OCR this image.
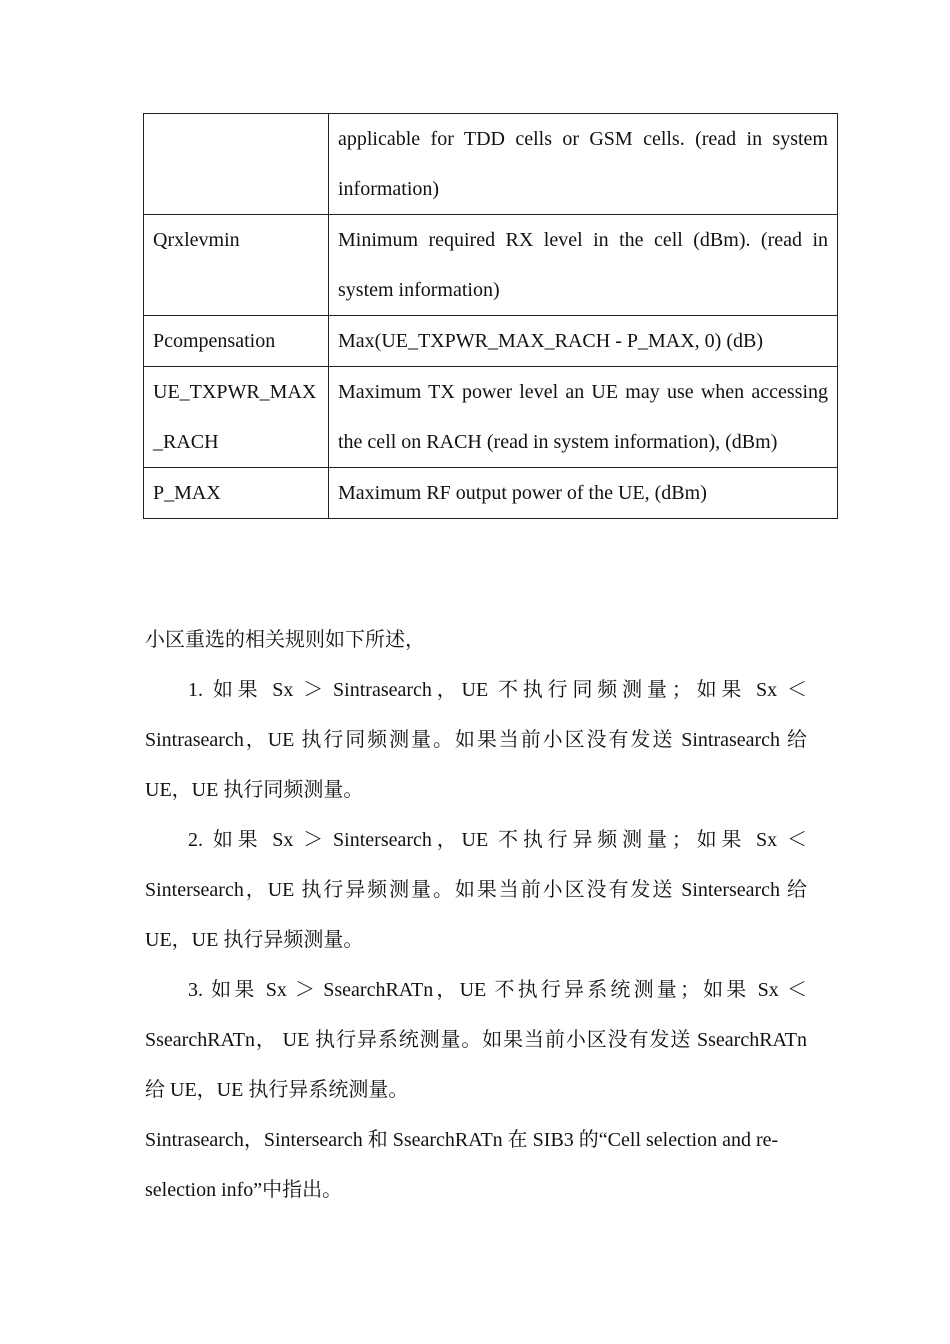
	applicable for TDD cells or GSM cells. (read in system information)
Qrxlevmin	Minimum required RX level in the cell (dBm). (read in system information)
Pcompensation	Max(UE_TXPWR_MAX_RACH - P_MAX, 0) (dB)
UE_TXPWR_MAX_RACH	Maximum TX power level an UE may use when accessing the cell on RACH (read in system information), (dBm)
P_MAX	Maximum RF output power of the UE, (dBm)

小区重选的相关规则如下所述，

1. 如果 Sx ＞ Sintrasearch，UE 不执行同频测量；如果 Sx ＜ Sintrasearch，UE 执行同频测量。如果当前小区没有发送 Sintrasearch 给 UE，UE 执行同频测量。

2. 如果 Sx ＞ Sintersearch，UE 不执行异频测量；如果 Sx ＜ Sintersearch，UE 执行异频测量。如果当前小区没有发送 Sintersearch 给 UE，UE 执行异频测量。

3. 如果 Sx ＞ SsearchRATn，UE 不执行异系统测量；如果 Sx ＜ SsearchRATn， UE 执行异系统测量。如果当前小区没有发送 SsearchRATn 给 UE，UE 执行异系统测量。

Sintrasearch，Sintersearch 和 SsearchRATn 在 SIB3 的“Cell selection and re-selection info”中指出。
